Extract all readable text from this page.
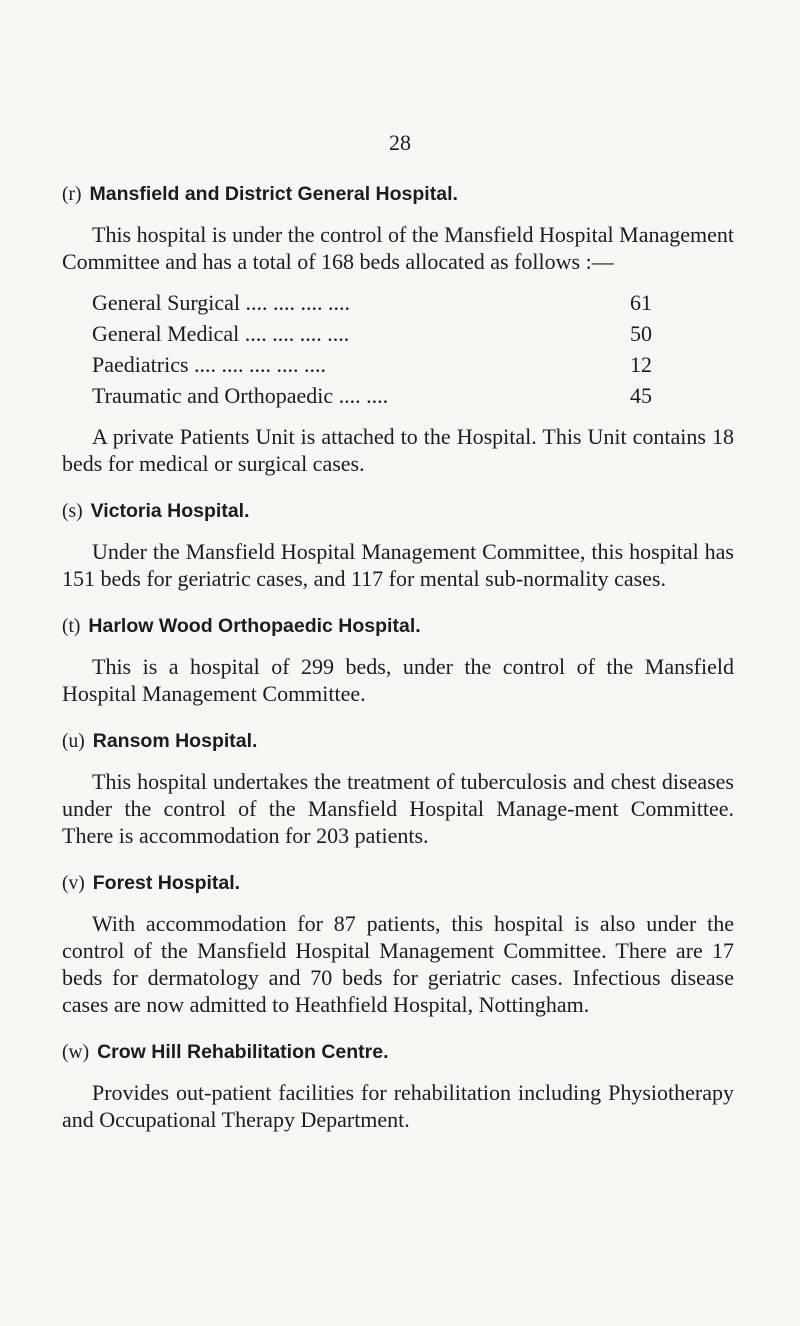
28
(r) Mansfield and District General Hospital.

This hospital is under the control of the Mansfield Hospital Management Committee and has a total of 168 beds allocated as follows :—

General Surgical .... .... .... ....	61
General Medical .... .... .... ....	50
Paediatrics .... .... .... .... ....	12
Traumatic and Orthopaedic .... ....	45

A private Patients Unit is attached to the Hospital. This Unit contains 18 beds for medical or surgical cases.

(s) Victoria Hospital.

Under the Mansfield Hospital Management Committee, this hospital has 151 beds for geriatric cases, and 117 for mental sub-normality cases.

(t) Harlow Wood Orthopaedic Hospital.

This is a hospital of 299 beds, under the control of the Mansfield Hospital Management Committee.

(u) Ransom Hospital.

This hospital undertakes the treatment of tuberculosis and chest diseases under the control of the Mansfield Hospital Manage-ment Committee. There is accommodation for 203 patients.

(v) Forest Hospital.

With accommodation for 87 patients, this hospital is also under the control of the Mansfield Hospital Management Committee. There are 17 beds for dermatology and 70 beds for geriatric cases. Infectious disease cases are now admitted to Heathfield Hospital, Nottingham.

(w) Crow Hill Rehabilitation Centre.

Provides out-patient facilities for rehabilitation including Physiotherapy and Occupational Therapy Department.
